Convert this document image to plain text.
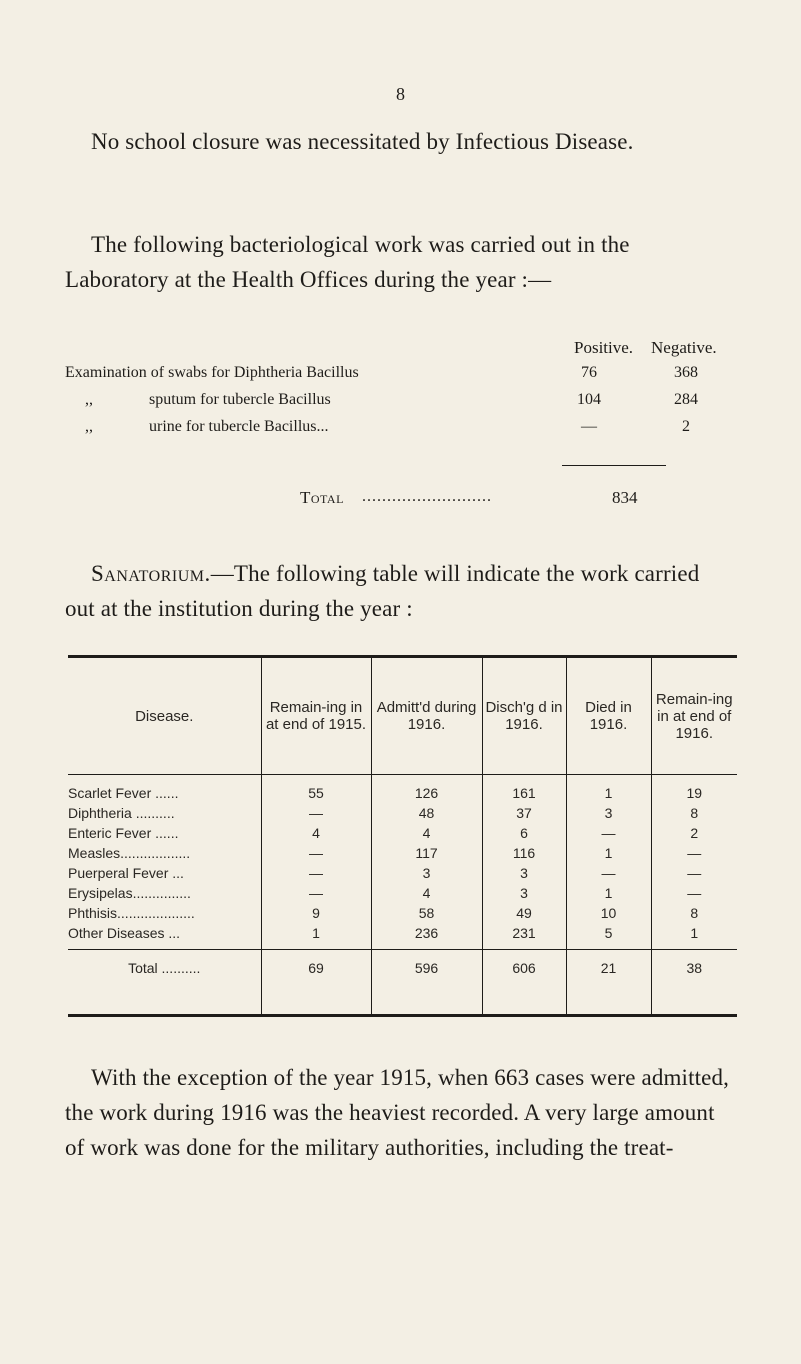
8

No school closure was necessitated by Infectious Disease.

The following bacteriological work was carried out in the Laboratory at the Health Offices during the year :—

Positive. Negative.
Examination of swabs for Diphtheria Bacillus	76	368
,,	sputum for tubercle Bacillus	104	284
,,	urine for tubercle Bacillus...	—	2
Total ..........................	834

Sanatorium.—The following table will indicate the work carried out at the institution during the year :

Disease.	Remain-ing in at end of 1915.	Admitt'd during 1916.	Disch'g d in 1916.	Died in 1916.	Remain-ing in at end of 1916.
Scarlet Fever ......	55	126	161	1	19
Diphtheria ..........	—	48	37	3	8
Enteric Fever ......	4	4	6	—	2
Measles..................	—	117	116	1	—
Puerperal Fever ...	—	3	3	—	—
Erysipelas...............	—	4	3	1	—
Phthisis....................	9	58	49	10	8
Other Diseases ...	1	236	231	5	1
Total ..........	69	596	606	21	38

With the exception of the year 1915, when 663 cases were admitted, the work during 1916 was the heaviest recorded. A very large amount of work was done for the military authorities, including the treat-
